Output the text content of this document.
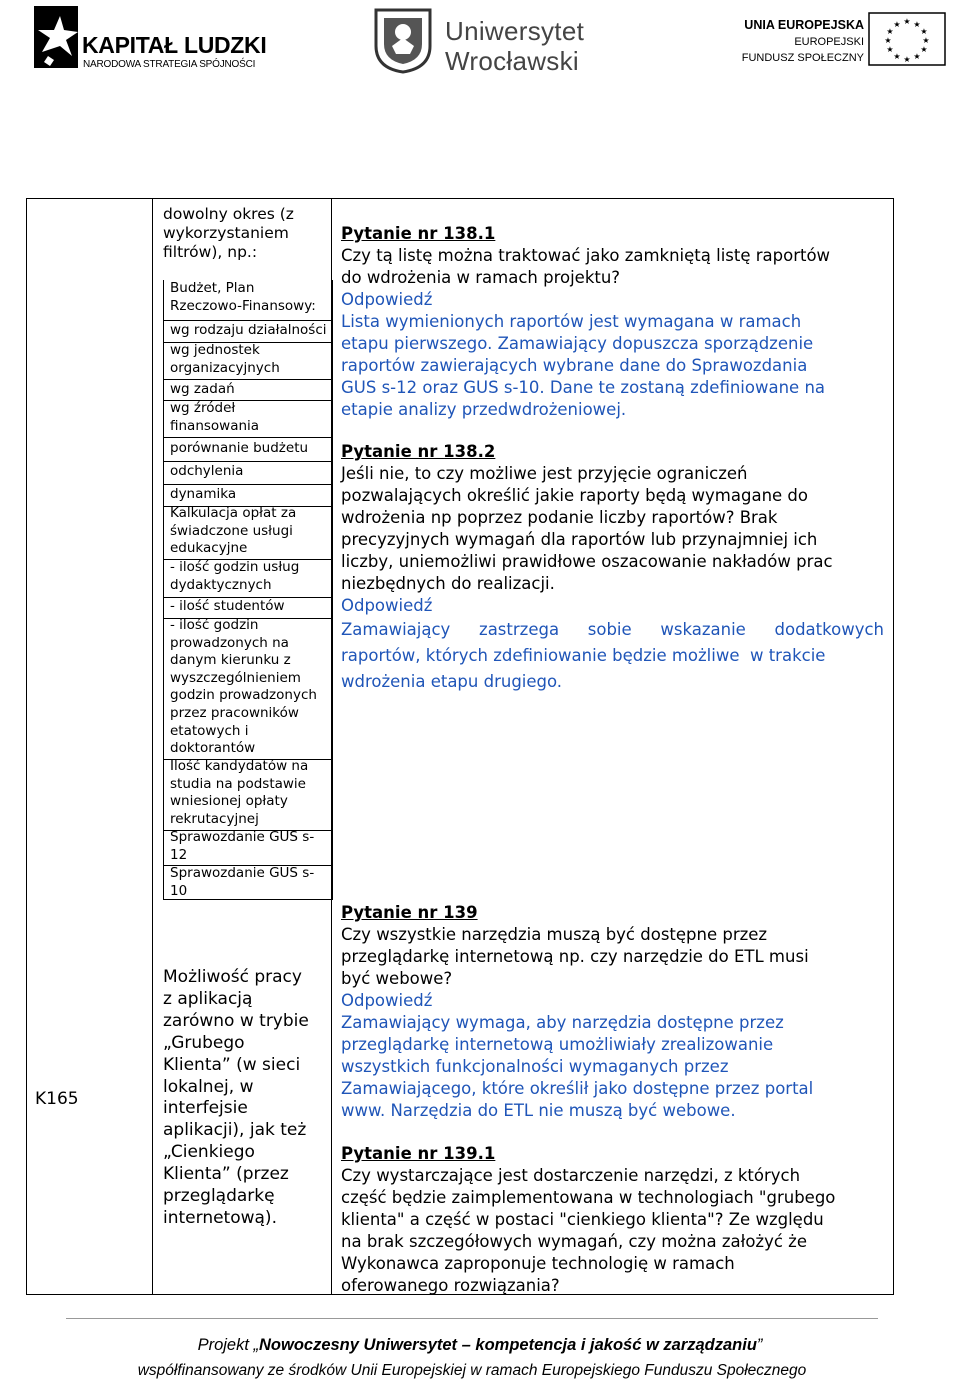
KAPITAŁ LUDZKI
NARODOWA STRATEGIA SPÓJNOŚCI
Uniwersytet
Wrocławski
UNIA EUROPEJSKA
EUROPEJSKI
FUNDUSZ SPOŁECZNY
★ ★
★
★
★
★
★
★
★
★
★
★
K165
dowolny okres (z
wykorzystaniem
filtrów), np.:
Budżet, Plan
Rzeczowo-Finansowy:
wg rodzaju działalności
wg jednostek
organizacyjnych
wg zadań
wg źródeł
finansowania
porównanie budżetu
odchylenia
dynamika
Kalkulacja opłat za
świadczone usługi
edukacyjne
- ilość godzin usług
dydaktycznych
- ilość studentów
- ilość godzin
prowadzonych na
danym kierunku z
wyszczególnieniem
godzin prowadzonych
przez pracowników
etatowych i
doktorantów
Ilość kandydatów na
studia na podstawie
wniesionej opłaty
rekrutacyjnej
Sprawozdanie GUS s-
12
Sprawozdanie GUS s-
10
Możliwość pracy
z aplikacją
zarówno w trybie
„Grubego
Klienta” (w sieci
lokalnej, w
interfejsie
aplikacji), jak też
„Cienkiego
Klienta” (przez
przeglądarkę
internetową).
Pytanie nr 138.1
Czy tą listę można traktować jako zamkniętą listę raportów
do wdrożenia w ramach projektu?
Odpowiedź
Lista wymienionych raportów jest wymagana w ramach
etapu pierwszego. Zamawiający dopuszcza sporządzenie
raportów zawierających wybrane dane do Sprawozdania
GUS s-12 oraz GUS s-10. Dane te zostaną zdefiniowane na
etapie analizy przedwdrożeniowej.
Pytanie nr 138.2
Jeśli nie, to czy możliwe jest przyjęcie ograniczeń
pozwalających określić jakie raporty będą wymagane do
wdrożenia np poprzez podanie liczby raportów? Brak
precyzyjnych wymagań dla raportów lub przynajmniej ich
liczby, uniemożliwi prawidłowe oszacowanie nakładów prac
niezbędnych do realizacji.
Odpowiedź
Zamawiający zastrzega sobie wskazanie dodatkowych
raportów, których zdefiniowanie będzie możliwe  w trakcie
wdrożenia etapu drugiego.
Pytanie nr 139
Czy wszystkie narzędzia muszą być dostępne przez
przeglądarkę internetową np. czy narzędzie do ETL musi
być webowe?
Odpowiedź
Zamawiający wymaga, aby narzędzia dostępne przez
przeglądarkę internetową umożliwiały zrealizowanie
wszystkich funkcjonalności wymaganych przez
Zamawiającego, które określił jako dostępne przez portal
www. Narzędzia do ETL nie muszą być webowe.
Pytanie nr 139.1
Czy wystarczające jest dostarczenie narzędzi, z których
część będzie zaimplementowana w technologiach "grubego
klienta" a część w postaci "cienkiego klienta"? Ze względu
na brak szczegółowych wymagań, czy można założyć że
Wykonawca zaproponuje technologię w ramach
oferowanego rozwiązania?
Projekt „Nowoczesny Uniwersytet – kompetencja i jakość w zarządzaniu”
współfinansowany ze środków Unii Europejskiej w ramach Europejskiego Funduszu Społecznego
